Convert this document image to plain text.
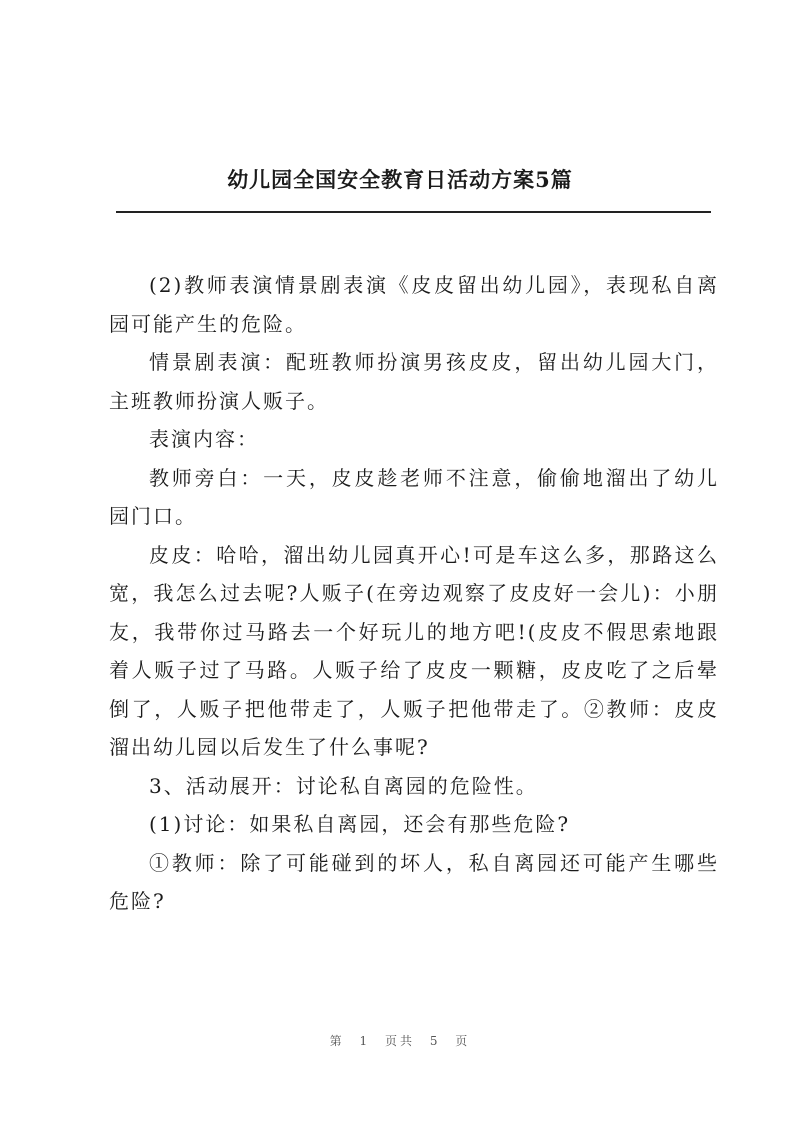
幼儿园全国安全教育日活动方案5篇

(2)教师表演情景剧表演《皮皮留出幼儿园》，表现私自离园可能产生的危险。

情景剧表演：配班教师扮演男孩皮皮，留出幼儿园大门，主班教师扮演人贩子。

表演内容：

教师旁白：一天，皮皮趁老师不注意，偷偷地溜出了幼儿园门口。

皮皮：哈哈，溜出幼儿园真开心!可是车这么多，那路这么宽，我怎么过去呢?人贩子(在旁边观察了皮皮好一会儿)：小朋友，我带你过马路去一个好玩儿的地方吧!(皮皮不假思索地跟着人贩子过了马路。人贩子给了皮皮一颗糖，皮皮吃了之后晕倒了，人贩子把他带走了，人贩子把他带走了。②教师：皮皮溜出幼儿园以后发生了什么事呢?

3、活动展开：讨论私自离园的危险性。

(1)讨论：如果私自离园，还会有那些危险?

①教师：除了可能碰到的坏人，私自离园还可能产生哪些危险?

第 1 页共 5 页
